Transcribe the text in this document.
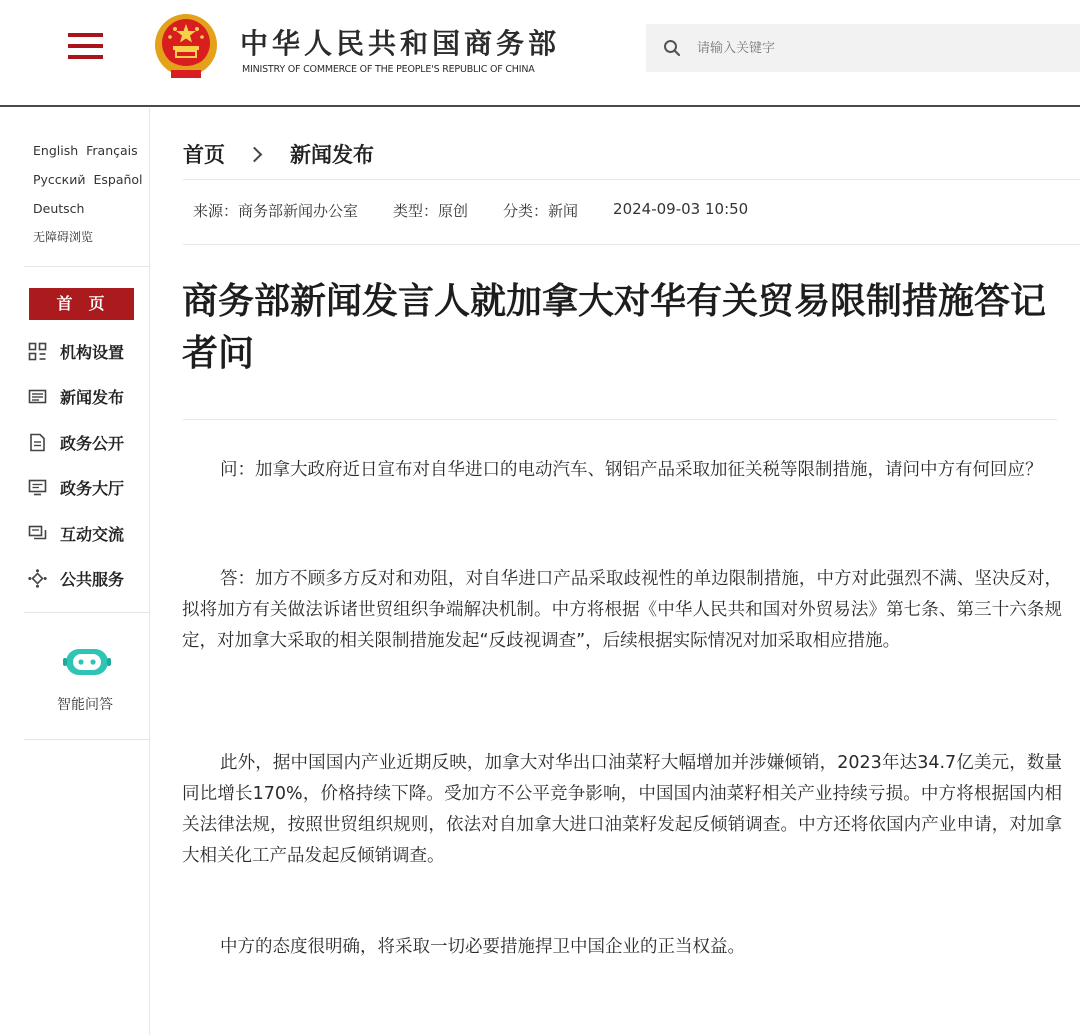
中华人民共和国商务部
MINISTRY OF COMMERCE OF THE PEOPLE'S REPUBLIC OF CHINA
请输入关键字
English Français
Русский Español
Deutsch
无障碍浏览
首页
机构设置
新闻发布
政务公开
政务大厅
互动交流
公共服务
智能问答
首页	新闻发布
来源：商务部新闻办公室 类型：原创 分类：新闻 2024-09-03 10:50
商务部新闻发言人就加拿大对华有关贸易限制措施答记者问

问：加拿大政府近日宣布对自华进口的电动汽车、钢铝产品采取加征关税等限制措施，请问中方有何回应？

答：加方不顾多方反对和劝阻，对自华进口产品采取歧视性的单边限制措施，中方对此强烈不满、坚决反对，拟将加方有关做法诉诸世贸组织争端解决机制。中方将根据《中华人民共和国对外贸易法》第七条、第三十六条规定，对加拿大采取的相关限制措施发起“反歧视调查”，后续根据实际情况对加采取相应措施。

此外，据中国国内产业近期反映，加拿大对华出口油菜籽大幅增加并涉嫌倾销，2023年达34.7亿美元，数量同比增长170%，价格持续下降。受加方不公平竞争影响，中国国内油菜籽相关产业持续亏损。中方将根据国内相关法律法规，按照世贸组织规则，依法对自加拿大进口油菜籽发起反倾销调查。中方还将依国内产业申请，对加拿大相关化工产品发起反倾销调查。

中方的态度很明确，将采取一切必要措施捍卫中国企业的正当权益。
